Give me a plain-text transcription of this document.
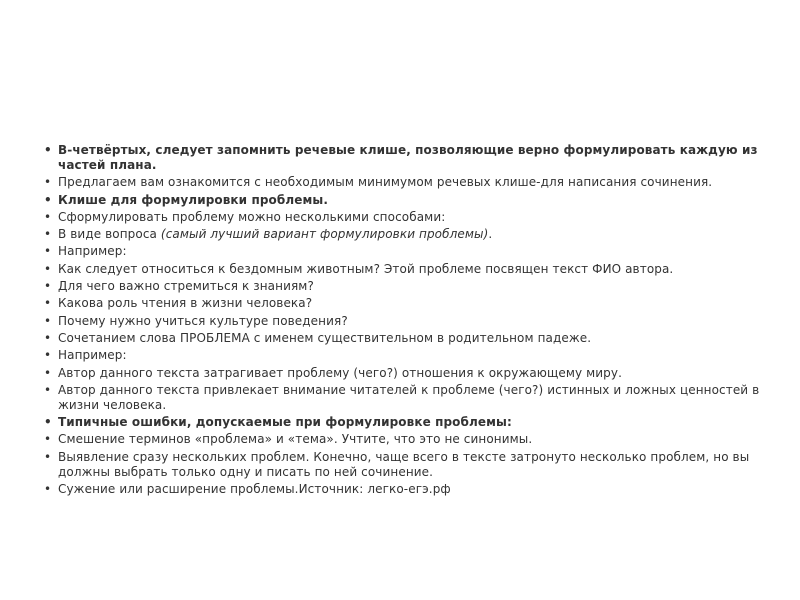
• В-четвёртых, следует запомнить речевые клише, позволяющие верно формулировать каждую из частей плана.
• Предлагаем вам ознакомится с необходимым минимумом речевых клише-для написания сочинения.
• Клише для формулировки проблемы.
• Сформулировать проблему можно несколькими способами:
• В виде вопроса (самый лучший вариант формулировки проблемы).
• Например:
• Как следует относиться к бездомным животным? Этой проблеме посвящен текст ФИО автора.
• Для чего важно стремиться к знаниям?
• Какова роль чтения в жизни человека?
• Почему нужно учиться культуре поведения?
• Сочетанием слова ПРОБЛЕМА с именем существительном в родительном падеже.
• Например:
• Автор данного текста затрагивает проблему (чего?) отношения к окружающему миру.
• Автор данного текста привлекает внимание читателей к проблеме (чего?) истинных и ложных ценностей в жизни человека.
• Типичные ошибки, допускаемые при формулировке проблемы:
• Смешение терминов «проблема» и «тема». Учтите, что это не синонимы.
• Выявление сразу нескольких проблем. Конечно, чаще всего в тексте затронуто несколько проблем, но вы должны выбрать только одну и писать по ней сочинение.
• Сужение или расширение проблемы.Источник: легко-егэ.рф
